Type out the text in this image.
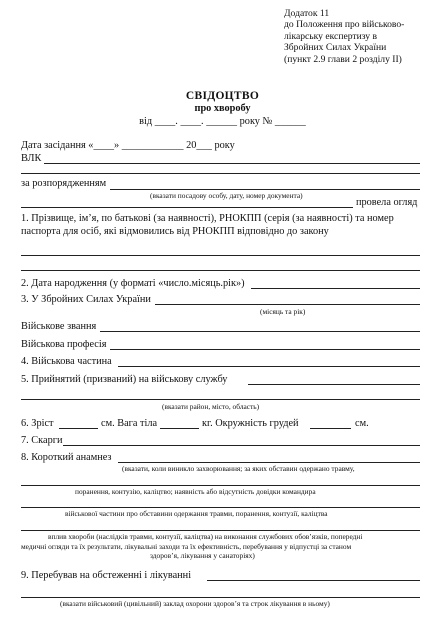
Додаток 11
до Положення про військово-
лікарську експертизу в
Збройних Силах України
(пункт 2.9 глави 2 розділу II)
СВІДОЦТВО
про хворобу
від ____. ____. ______ року № ______
Дата засідання «____» ____________ 20___ року
ВЛК
за розпорядженням
(вказати посадову особу, дату, номер документа)
провела огляд
1. Прізвище, ім’я, по батькові (за наявності), РНОКПП (серія (за наявності) та номер
паспорта для осіб, які відмовились від РНОКПП відповідно до закону
2. Дата народження (у форматі «число.місяць.рік»)
3. У Збройних Силах України
(місяць та рік)
Військове звання
Військова професія
4. Військова частина
5. Прийнятий (призваний) на військову службу
(вказати район, місто, область)
6. Зріст	см. Вага тіла	кг. Окружність грудей	см.
7. Скарги
8. Короткий анамнез
(вказати, коли виникло захворювання; за яких обставин одержано травму,
поранення, контузію, каліцтво; наявність або відсутність довідки командира
військової частини про обставини одержання травми, поранення, контузії, каліцтва
вплив хвороби (наслідків травми, контузії, каліцтва) на виконання службових обов’язків, попередні
медичні огляди та їх результати, лікувальні заходи та їх ефективність, перебування у відпустці за станом
здоров’я, лікування у санаторіях)
9. Перебував на обстеженні і лікуванні
(вказати військовий (цивільний) заклад охорони здоров’я та строк лікування в ньому)
